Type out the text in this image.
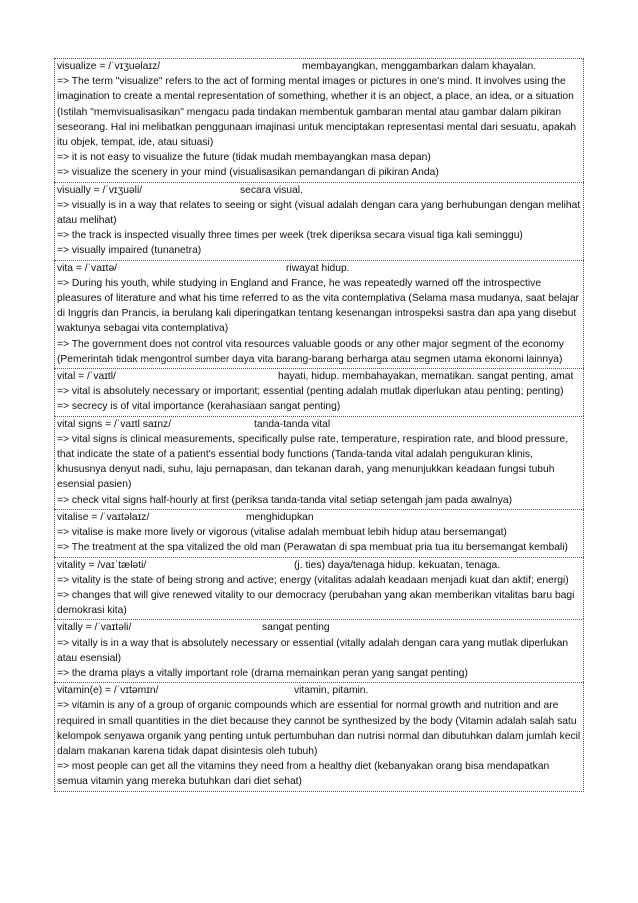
visualize = /ˈvɪʒuəlaɪz/	membayangkan, menggambarkan dalam khayalan.
=> The term "visualize" refers to the act of forming mental images or pictures in one's mind. It involves using the imagination to create a mental representation of something, whether it is an object, a place, an idea, or a situation (Istilah "memvisualisasikan" mengacu pada tindakan membentuk gambaran mental atau gambar dalam pikiran seseorang. Hal ini melibatkan penggunaan imajinasi untuk menciptakan representasi mental dari sesuatu, apakah itu objek, tempat, ide, atau situasi)
=> it is not easy to visualize the future (tidak mudah membayangkan masa depan)
=> visualize the scenery in your mind (visualisasikan pemandangan di pikiran Anda)
visually = /ˈvɪʒuəli/	secara visual.
=> visually is in a way that relates to seeing or sight (visual adalah dengan cara yang berhubungan dengan melihat atau melihat)
=> the track is inspected visually three times per week (trek diperiksa secara visual tiga kali seminggu)
=> visually impaired (tunanetra)
vita = /ˈvaɪtə/	riwayat hidup.
=> During his youth, while studying in England and France, he was repeatedly warned off the introspective pleasures of literature and what his time referred to as the vita contemplativa (Selama masa mudanya, saat belajar di Inggris dan Prancis, ia berulang kali diperingatkan tentang kesenangan introspeksi sastra dan apa yang disebut waktunya sebagai vita contemplativa)
=> The government does not control vita resources valuable goods or any other major segment of the economy (Pemerintah tidak mengontrol sumber daya vita barang-barang berharga atau segmen utama ekonomi lainnya)
vital = /ˈvaɪtl/	hayati, hidup. membahayakan, mematikan. sangat penting, amat
=> vital is absolutely necessary or important; essential (penting adalah mutlak diperlukan atau penting; penting)
=> secrecy is of vital importance (kerahasiaan sangat penting)
vital signs = /ˈvaɪtl saɪnz/	tanda-tanda vital
=> vital signs is clinical measurements, specifically pulse rate, temperature, respiration rate, and blood pressure, that indicate the state of a patient's essential body functions (Tanda-tanda vital adalah pengukuran klinis, khususnya denyut nadi, suhu, laju pernapasan, dan tekanan darah, yang menunjukkan keadaan fungsi tubuh esensial pasien)
=> check vital signs half-hourly at first (periksa tanda-tanda vital setiap setengah jam pada awalnya)
vitalise = /ˈvaɪtəlaɪz/	menghidupkan
=> vitalise is make more lively or vigorous (vitalise adalah membuat lebih hidup atau bersemangat)
=> The treatment at the spa vitalized the old man (Perawatan di spa membuat pria tua itu bersemangat kembali)
vitality = /vaɪˈtæləti/	(j. ties) daya/tenaga hidup. kekuatan, tenaga.
=> vitality is the state of being strong and active; energy (vitalitas adalah keadaan menjadi kuat dan aktif; energi)
=> changes that will give renewed vitality to our democracy (perubahan yang akan memberikan vitalitas baru bagi demokrasi kita)
vitally = /ˈvaɪtəli/	sangat penting
=> vitally is in a way that is absolutely necessary or essential (vitally adalah dengan cara yang mutlak diperlukan atau esensial)
=> the drama plays a vitally important role (drama memainkan peran yang sangat penting)
vitamin(e) = /ˈvɪtəmɪn/	vitamin, pitamin.
=> vitamin is any of a group of organic compounds which are essential for normal growth and nutrition and are required in small quantities in the diet because they cannot be synthesized by the body (Vitamin adalah salah satu kelompok senyawa organik yang penting untuk pertumbuhan dan nutrisi normal dan dibutuhkan dalam jumlah kecil dalam makanan karena tidak dapat disintesis oleh tubuh)
=> most people can get all the vitamins they need from a healthy diet (kebanyakan orang bisa mendapatkan semua vitamin yang mereka butuhkan dari diet sehat)
